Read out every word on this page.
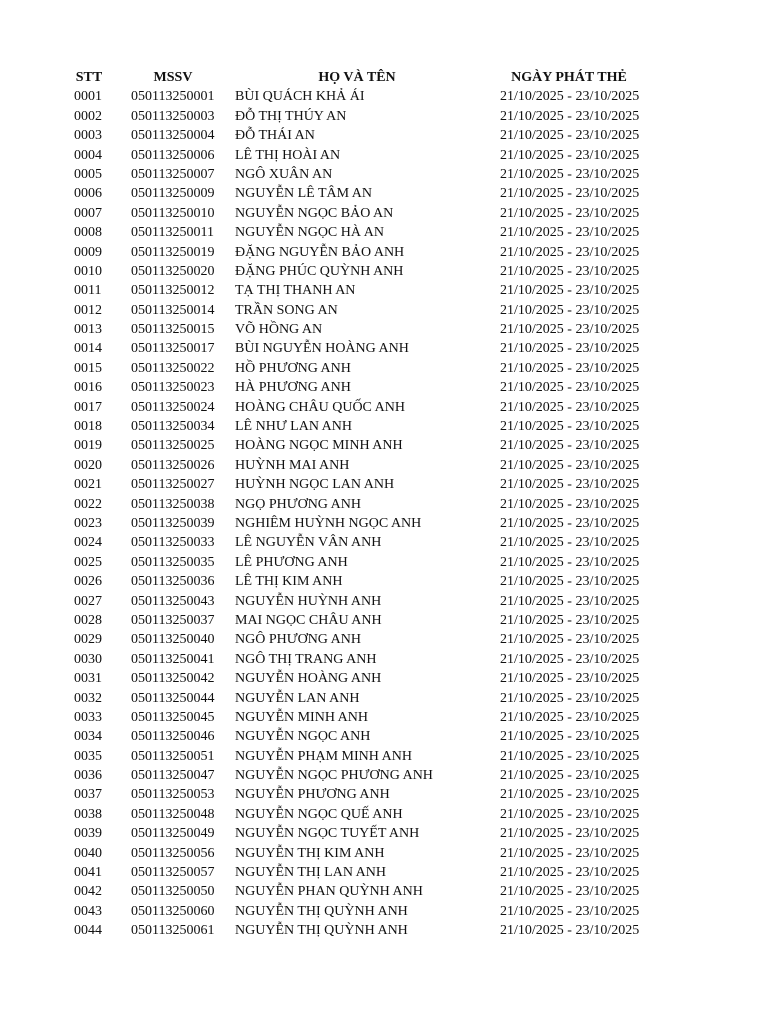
STT	MSSV	HỌ VÀ TÊN	NGÀY PHÁT THẺ
0001 050113250001 BÙI QUÁCH KHẢ ÁI	21/10/2025 - 23/10/2025
0002 050113250003 ĐỖ THỊ THÚY AN	21/10/2025 - 23/10/2025
0003 050113250004 ĐỖ THÁI AN	21/10/2025 - 23/10/2025
0004 050113250006 LÊ THỊ HOÀI AN	21/10/2025 - 23/10/2025
0005 050113250007 NGÔ XUÂN AN	21/10/2025 - 23/10/2025
0006 050113250009 NGUYỄN LÊ TÂM AN	21/10/2025 - 23/10/2025
0007 050113250010 NGUYỄN NGỌC BẢO AN	21/10/2025 - 23/10/2025
0008 050113250011 NGUYỄN NGỌC HÀ AN	21/10/2025 - 23/10/2025
0009 050113250019 ĐẶNG NGUYỄN BẢO ANH	21/10/2025 - 23/10/2025
0010 050113250020 ĐẶNG PHÚC QUỲNH ANH	21/10/2025 - 23/10/2025
0011 050113250012 TẠ THỊ THANH AN	21/10/2025 - 23/10/2025
0012 050113250014 TRẦN SONG AN	21/10/2025 - 23/10/2025
0013 050113250015 VÕ HỒNG AN	21/10/2025 - 23/10/2025
0014 050113250017 BÙI NGUYỄN HOÀNG ANH	21/10/2025 - 23/10/2025
0015 050113250022 HỒ PHƯƠNG ANH	21/10/2025 - 23/10/2025
0016 050113250023 HÀ PHƯƠNG ANH	21/10/2025 - 23/10/2025
0017 050113250024 HOÀNG CHÂU QUỐC ANH	21/10/2025 - 23/10/2025
0018 050113250034 LÊ NHƯ LAN ANH	21/10/2025 - 23/10/2025
0019 050113250025 HOÀNG NGỌC MINH ANH	21/10/2025 - 23/10/2025
0020 050113250026 HUỲNH MAI ANH	21/10/2025 - 23/10/2025
0021 050113250027 HUỲNH NGỌC LAN ANH	21/10/2025 - 23/10/2025
0022 050113250038 NGỌ PHƯƠNG ANH	21/10/2025 - 23/10/2025
0023 050113250039 NGHIÊM HUỲNH NGỌC ANH	21/10/2025 - 23/10/2025
0024 050113250033 LÊ NGUYỄN VÂN ANH	21/10/2025 - 23/10/2025
0025 050113250035 LÊ PHƯƠNG ANH	21/10/2025 - 23/10/2025
0026 050113250036 LÊ THỊ KIM ANH	21/10/2025 - 23/10/2025
0027 050113250043 NGUYỄN HUỲNH ANH	21/10/2025 - 23/10/2025
0028 050113250037 MAI NGỌC CHÂU ANH	21/10/2025 - 23/10/2025
0029 050113250040 NGÔ PHƯƠNG ANH	21/10/2025 - 23/10/2025
0030 050113250041 NGÔ THỊ TRANG ANH	21/10/2025 - 23/10/2025
0031 050113250042 NGUYỄN HOÀNG ANH	21/10/2025 - 23/10/2025
0032 050113250044 NGUYỄN LAN ANH	21/10/2025 - 23/10/2025
0033 050113250045 NGUYỄN MINH ANH	21/10/2025 - 23/10/2025
0034 050113250046 NGUYỄN NGỌC ANH	21/10/2025 - 23/10/2025
0035 050113250051 NGUYỄN PHẠM MINH ANH	21/10/2025 - 23/10/2025
0036 050113250047 NGUYỄN NGỌC PHƯƠNG ANH	21/10/2025 - 23/10/2025
0037 050113250053 NGUYỄN PHƯƠNG ANH	21/10/2025 - 23/10/2025
0038 050113250048 NGUYỄN NGỌC QUẾ ANH	21/10/2025 - 23/10/2025
0039 050113250049 NGUYỄN NGỌC TUYẾT ANH	21/10/2025 - 23/10/2025
0040 050113250056 NGUYỄN THỊ KIM ANH	21/10/2025 - 23/10/2025
0041 050113250057 NGUYỄN THỊ LAN ANH	21/10/2025 - 23/10/2025
0042 050113250050 NGUYỄN PHAN QUỲNH ANH	21/10/2025 - 23/10/2025
0043 050113250060 NGUYỄN THỊ QUỲNH ANH	21/10/2025 - 23/10/2025
0044 050113250061 NGUYỄN THỊ QUỲNH ANH	21/10/2025 - 23/10/2025
